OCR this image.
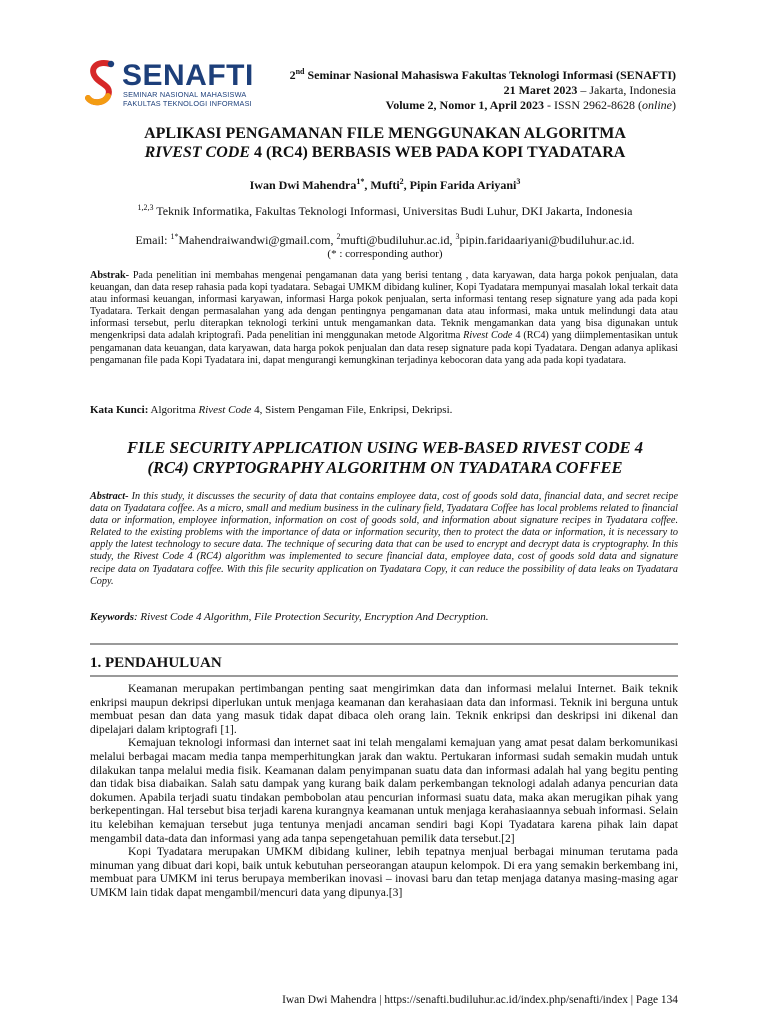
SENAFTI
SEMINAR NASIONAL MAHASISWA
FAKULTAS TEKNOLOGI INFORMASI
2nd Seminar Nasional Mahasiswa Fakultas Teknologi Informasi (SENAFTI)
21 Maret 2023 – Jakarta, Indonesia
Volume 2, Nomor 1, April 2023 - ISSN 2962-8628 (online)
APLIKASI PENGAMANAN FILE MENGGUNAKAN ALGORITMA
RIVEST CODE 4 (RC4) BERBASIS WEB PADA KOPI TYADATARA
Iwan Dwi Mahendra$^{1*}$, Mufti$^2$, Pipin Farida Ariyani$^3$
$^{1,2,3}$ Teknik Informatika, Fakultas Teknologi Informasi, Universitas Budi Luhur, DKI Jakarta, Indonesia
Email: $^{1*}$Mahendraiwandwi@gmail.com, $^2$mufti@budiluhur.ac.id, $^3$pipin.faridaariyani@budiluhur.ac.id.
(* : corresponding author)
Abstrak- Pada penelitian ini membahas mengenai pengamanan data yang berisi tentang , data karyawan, data harga pokok penjualan, data keuangan, dan data resep rahasia pada kopi tyadatara. Sebagai UMKM dibidang kuliner, Kopi Tyadatara mempunyai masalah lokal terkait data atau informasi keuangan, informasi karyawan, informasi Harga pokok penjualan, serta informasi tentang resep signature yang ada pada kopi Tyadatara. Terkait dengan permasalahan yang ada dengan pentingnya pengamanan data atau informasi, maka untuk melindungi data atau informasi tersebut, perlu diterapkan teknologi terkini untuk mengamankan data. Teknik mengamankan data yang bisa digunakan untuk mengenkripsi data adalah kriptografi. Pada penelitian ini menggunakan metode Algoritma Rivest Code 4 (RC4) yang diimplementasikan untuk pengamanan data keuangan, data karyawan, data harga pokok penjualan dan data resep signature pada kopi Tyadatara. Dengan adanya aplikasi pengamanan file pada Kopi Tyadatara ini, dapat mengurangi kemungkinan terjadinya kebocoran data yang ada pada kopi tyadatara.
Kata Kunci: Algoritma Rivest Code 4, Sistem Pengaman File, Enkripsi, Dekripsi.
FILE SECURITY APPLICATION USING WEB-BASED RIVEST CODE 4
(RC4) CRYPTOGRAPHY ALGORITHM ON TYADATARA COFFEE
Abstract- In this study, it discusses the security of data that contains employee data, cost of goods sold data, financial data, and secret recipe data on Tyadatara coffee. As a micro, small and medium business in the culinary field, Tyadatara Coffee has local problems related to financial data or information, employee information, information on cost of goods sold, and information about signature recipes in Tyadatara coffee. Related to the existing problems with the importance of data or information security, then to protect the data or information, it is necessary to apply the latest technology to secure data. The technique of securing data that can be used to encrypt and decrypt data is cryptography. In this study, the Rivest Code 4 (RC4) algorithm was implemented to secure financial data, employee data, cost of goods sold data and signature recipe data on Tyadatara coffee. With this file security application on Tyadatara Copy, it can reduce the possibility of data leaks on Tyadatara Copy.
Keywords: Rivest Code 4 Algorithm, File Protection Security, Encryption And Decryption.
1. PENDAHULUAN

Keamanan merupakan pertimbangan penting saat mengirimkan data dan informasi melalui Internet. Baik teknik enkripsi maupun dekripsi diperlukan untuk menjaga keamanan dan kerahasiaan data dan informasi. Teknik ini berguna untuk membuat pesan dan data yang masuk tidak dapat dibaca oleh orang lain. Teknik enkripsi dan deskripsi ini dikenal dan dipelajari dalam kriptografi [1].

Kemajuan teknologi informasi dan internet saat ini telah mengalami kemajuan yang amat pesat dalam berkomunikasi melalui berbagai macam media tanpa memperhitungkan jarak dan waktu. Pertukaran informasi sudah semakin mudah untuk dilakukan tanpa melalui media fisik. Keamanan dalam penyimpanan suatu data dan informasi adalah hal yang begitu penting dan tidak bisa diabaikan. Salah satu dampak yang kurang baik dalam perkembangan teknologi adalah adanya pencurian data dokumen. Apabila terjadi suatu tindakan pembobolan atau pencurian informasi suatu data, maka akan merugikan pihak yang berkepentingan. Hal tersebut bisa terjadi karena kurangnya keamanan untuk menjaga kerahasiaannya sebuah informasi. Selain itu kelebihan kemajuan tersebut juga tentunya menjadi ancaman sendiri bagi Kopi Tyadatara karena pihak lain dapat mengambil data-data dan informasi yang ada tanpa sepengetahuan pemilik data tersebut.[2]

Kopi Tyadatara merupakan UMKM dibidang kuliner, lebih tepatnya menjual berbagai minuman terutama pada minuman yang dibuat dari kopi, baik untuk kebutuhan perseorangan ataupun kelompok. Di era yang semakin berkembang ini, membuat para UMKM ini terus berupaya memberikan inovasi – inovasi baru dan tetap menjaga datanya masing-masing agar UMKM lain tidak dapat mengambil/mencuri data yang dipunya.[3]

Iwan Dwi Mahendra | https://senafti.budiluhur.ac.id/index.php/senafti/index | Page 134
